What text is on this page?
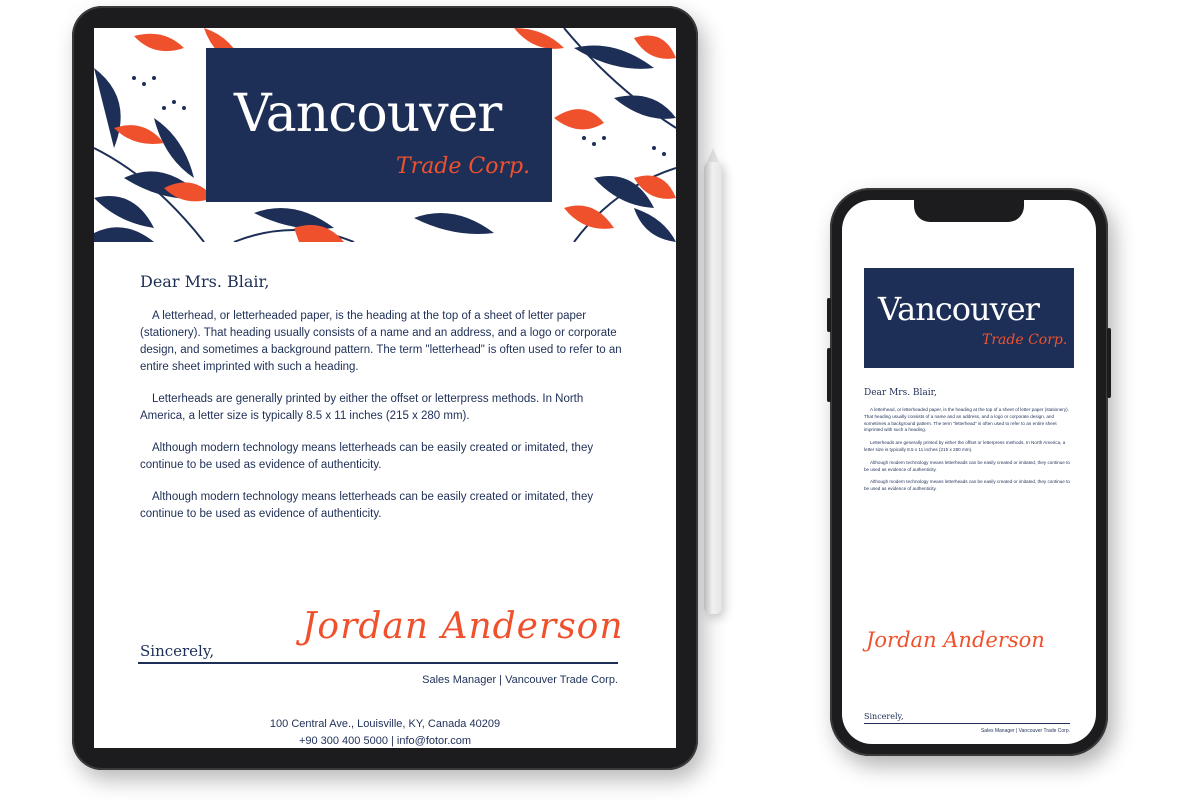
Vancouver
Trade Corp.
Dear Mrs. Blair,

A letterhead, or letterheaded paper, is the heading at the top of a sheet of letter paper (stationery). That heading usually consists of a name and an address, and a logo or corporate design, and sometimes a background pattern. The term "letterhead" is often used to refer to an entire sheet imprinted with such a heading.

Letterheads are generally printed by either the offset or letterpress methods. In North America, a letter size is typically 8.5 x 11 inches (215 x 280 mm).

Although modern technology means letterheads can be easily created or imitated, they continue to be used as evidence of authenticity.

Although modern technology means letterheads can be easily created or imitated, they continue to be used as evidence of authenticity.

Jordan Anderson
Sincerely,
Sales Manager | Vancouver Trade Corp.
100 Central Ave., Louisville, KY, Canada 40209
+90 300 400 5000 | info@fotor.com
Vancouver
Trade Corp.
Dear Mrs. Blair,

A letterhead, or letterheaded paper, is the heading at the top of a sheet of letter paper (stationery). That heading usually consists of a name and an address, and a logo or corporate design, and sometimes a background pattern. The term "letterhead" is often used to refer to an entire sheet imprinted with such a heading.

Letterheads are generally printed by either the offset or letterpress methods. In North America, a letter size is typically 8.5 x 11 inches (215 x 280 mm).

Although modern technology means letterheads can be easily created or imitated, they continue to be used as evidence of authenticity.

Although modern technology means letterheads can be easily created or imitated, they continue to be used as evidence of authenticity.

Jordan Anderson
Sincerely,
Sales Manager | Vancouver Trade Corp.
